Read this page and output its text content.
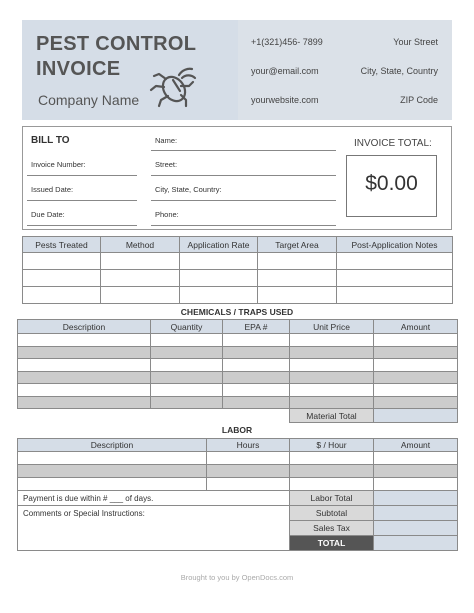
PEST CONTROL
INVOICE
Company Name
+1(321)456- 7899	Your Street
your@email.com	City, State, Country
yourwebsite.com	ZIP Code
BILL TO
Invoice Number:
Issued Date:
Due Date:
Name:
Street:
City, State, Country:
Phone:
INVOICE TOTAL:
$0.00
Pests Treated	Method	Application Rate	Target Area	Post-Application Notes

CHEMICALS / TRAPS USED
Description	Quantity	EPA #	Unit Price	Amount

			Material Total	
LABOR
Description	Hours	$ / Hour	Amount

Payment is due within # ___ of days.		Labor Total	
Comments or Special Instructions:		Subtotal	
		Sales Tax	
		TOTAL	
Brought to you by OpenDocs.com
